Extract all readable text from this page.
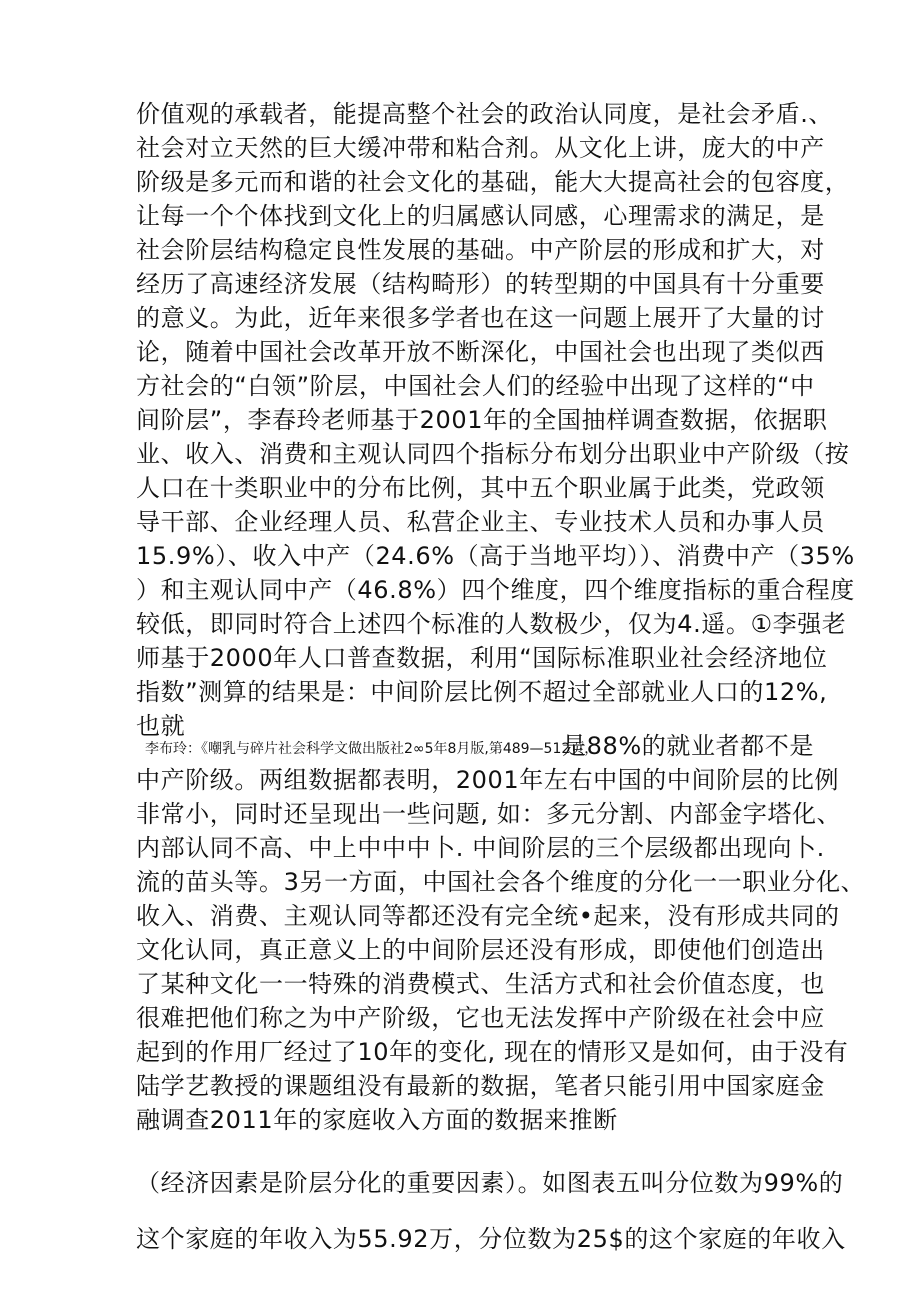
价值观的承载者，能提高整个社会的政治认同度，是社会矛盾.、
社会对立天然的巨大缓冲带和粘合剂。从文化上讲，庞大的中产
阶级是多元而和谐的社会文化的基础，能大大提高社会的包容度，
让每一个个体找到文化上的归属感认同感，心理需求的满足，是
社会阶层结构稳定良性发展的基础。中产阶层的形成和扩大，对
经历了高速经济发展（结构畸形）的转型期的中国具有十分重要
的意义。为此，近年来很多学者也在这一问题上展开了大量的讨
论，随着中国社会改革开放不断深化，中国社会也出现了类似西
方社会的“白领”阶层，中国社会人们的经验中出现了这样的“中
间阶层”，李春玲老师基于2001年的全国抽样调查数据，依据职
业、收入、消费和主观认同四个指标分布划分出职业中产阶级（按
人口在十类职业中的分布比例，其中五个职业属于此类，党政领
导干部、企业经理人员、私营企业主、专业技术人员和办事人员
15.9%）、收入中产（24.6%（高于当地平均））、消费中产（35%
）和主观认同中产（46.8%）四个维度，四个维度指标的重合程度
较低，即同时符合上述四个标准的人数极少，仅为4.遥。①李强老
师基于2000年人口普查数据，利用“国际标准职业社会经济地位
指数”测算的结果是：中间阶层比例不超过全部就业人口的12%,
也就
李布玲：《嘲乳与碎片社会科学文做出版社2∞5年8月版,第489—512页，
是88%的就业者都不是
中产阶级。两组数据都表明，2001年左右中国的中间阶层的比例
非常小，同时还呈现出一些问题, 如：多元分割、内部金字塔化、
内部认同不高、中上中中中卜. 中间阶层的三个层级都出现向卜.
流的苗头等。3另一方面，中国社会各个维度的分化一一职业分化、
收入、消费、主观认同等都还没有完全统•起来，没有形成共同的
文化认同，真正意义上的中间阶层还没有形成，即使他们创造出
了某种文化一一特殊的消费模式、生活方式和社会价值态度，也
很难把他们称之为中产阶级，它也无法发挥中产阶级在社会中应
起到的作用厂经过了10年的变化, 现在的情形又是如何，由于没有
陆学艺教授的课题组没有最新的数据，笔者只能引用中国家庭金
融调查2011年的家庭收入方面的数据来推断
（经济因素是阶层分化的重要因素）。如图表五叫分位数为99%的
这个家庭的年收入为55.92万，分位数为25$的这个家庭的年收入
